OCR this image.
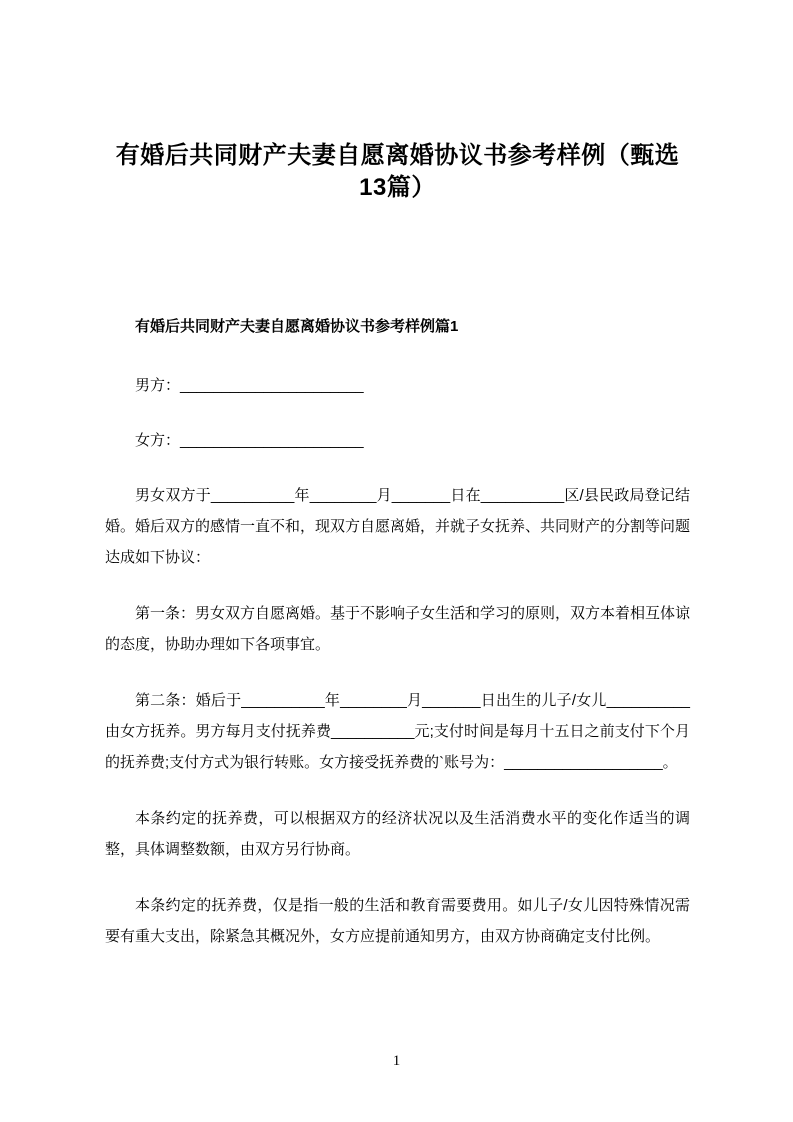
有婚后共同财产夫妻自愿离婚协议书参考样例（甄选13篇）
有婚后共同财产夫妻自愿离婚协议书参考样例篇1

男方：______________________

女方：______________________

男女双方于__________年________月_______日在__________区/县民政局登记结婚。婚后双方的感情一直不和，现双方自愿离婚，并就子女抚养、共同财产的分割等问题达成如下协议：

第一条：男女双方自愿离婚。基于不影响子女生活和学习的原则，双方本着相互体谅的态度，协助办理如下各项事宜。

第二条：婚后于__________年________月_______日出生的儿子/女儿__________由女方抚养。男方每月支付抚养费__________元;支付时间是每月十五日之前支付下个月的抚养费;支付方式为银行转账。女方接受抚养费的`账号为：___________________。

本条约定的抚养费，可以根据双方的经济状况以及生活消费水平的变化作适当的调整，具体调整数额，由双方另行协商。

本条约定的抚养费，仅是指一般的生活和教育需要费用。如儿子/女儿因特殊情况需要有重大支出，除紧急其概况外，女方应提前通知男方，由双方协商确定支付比例。

1
